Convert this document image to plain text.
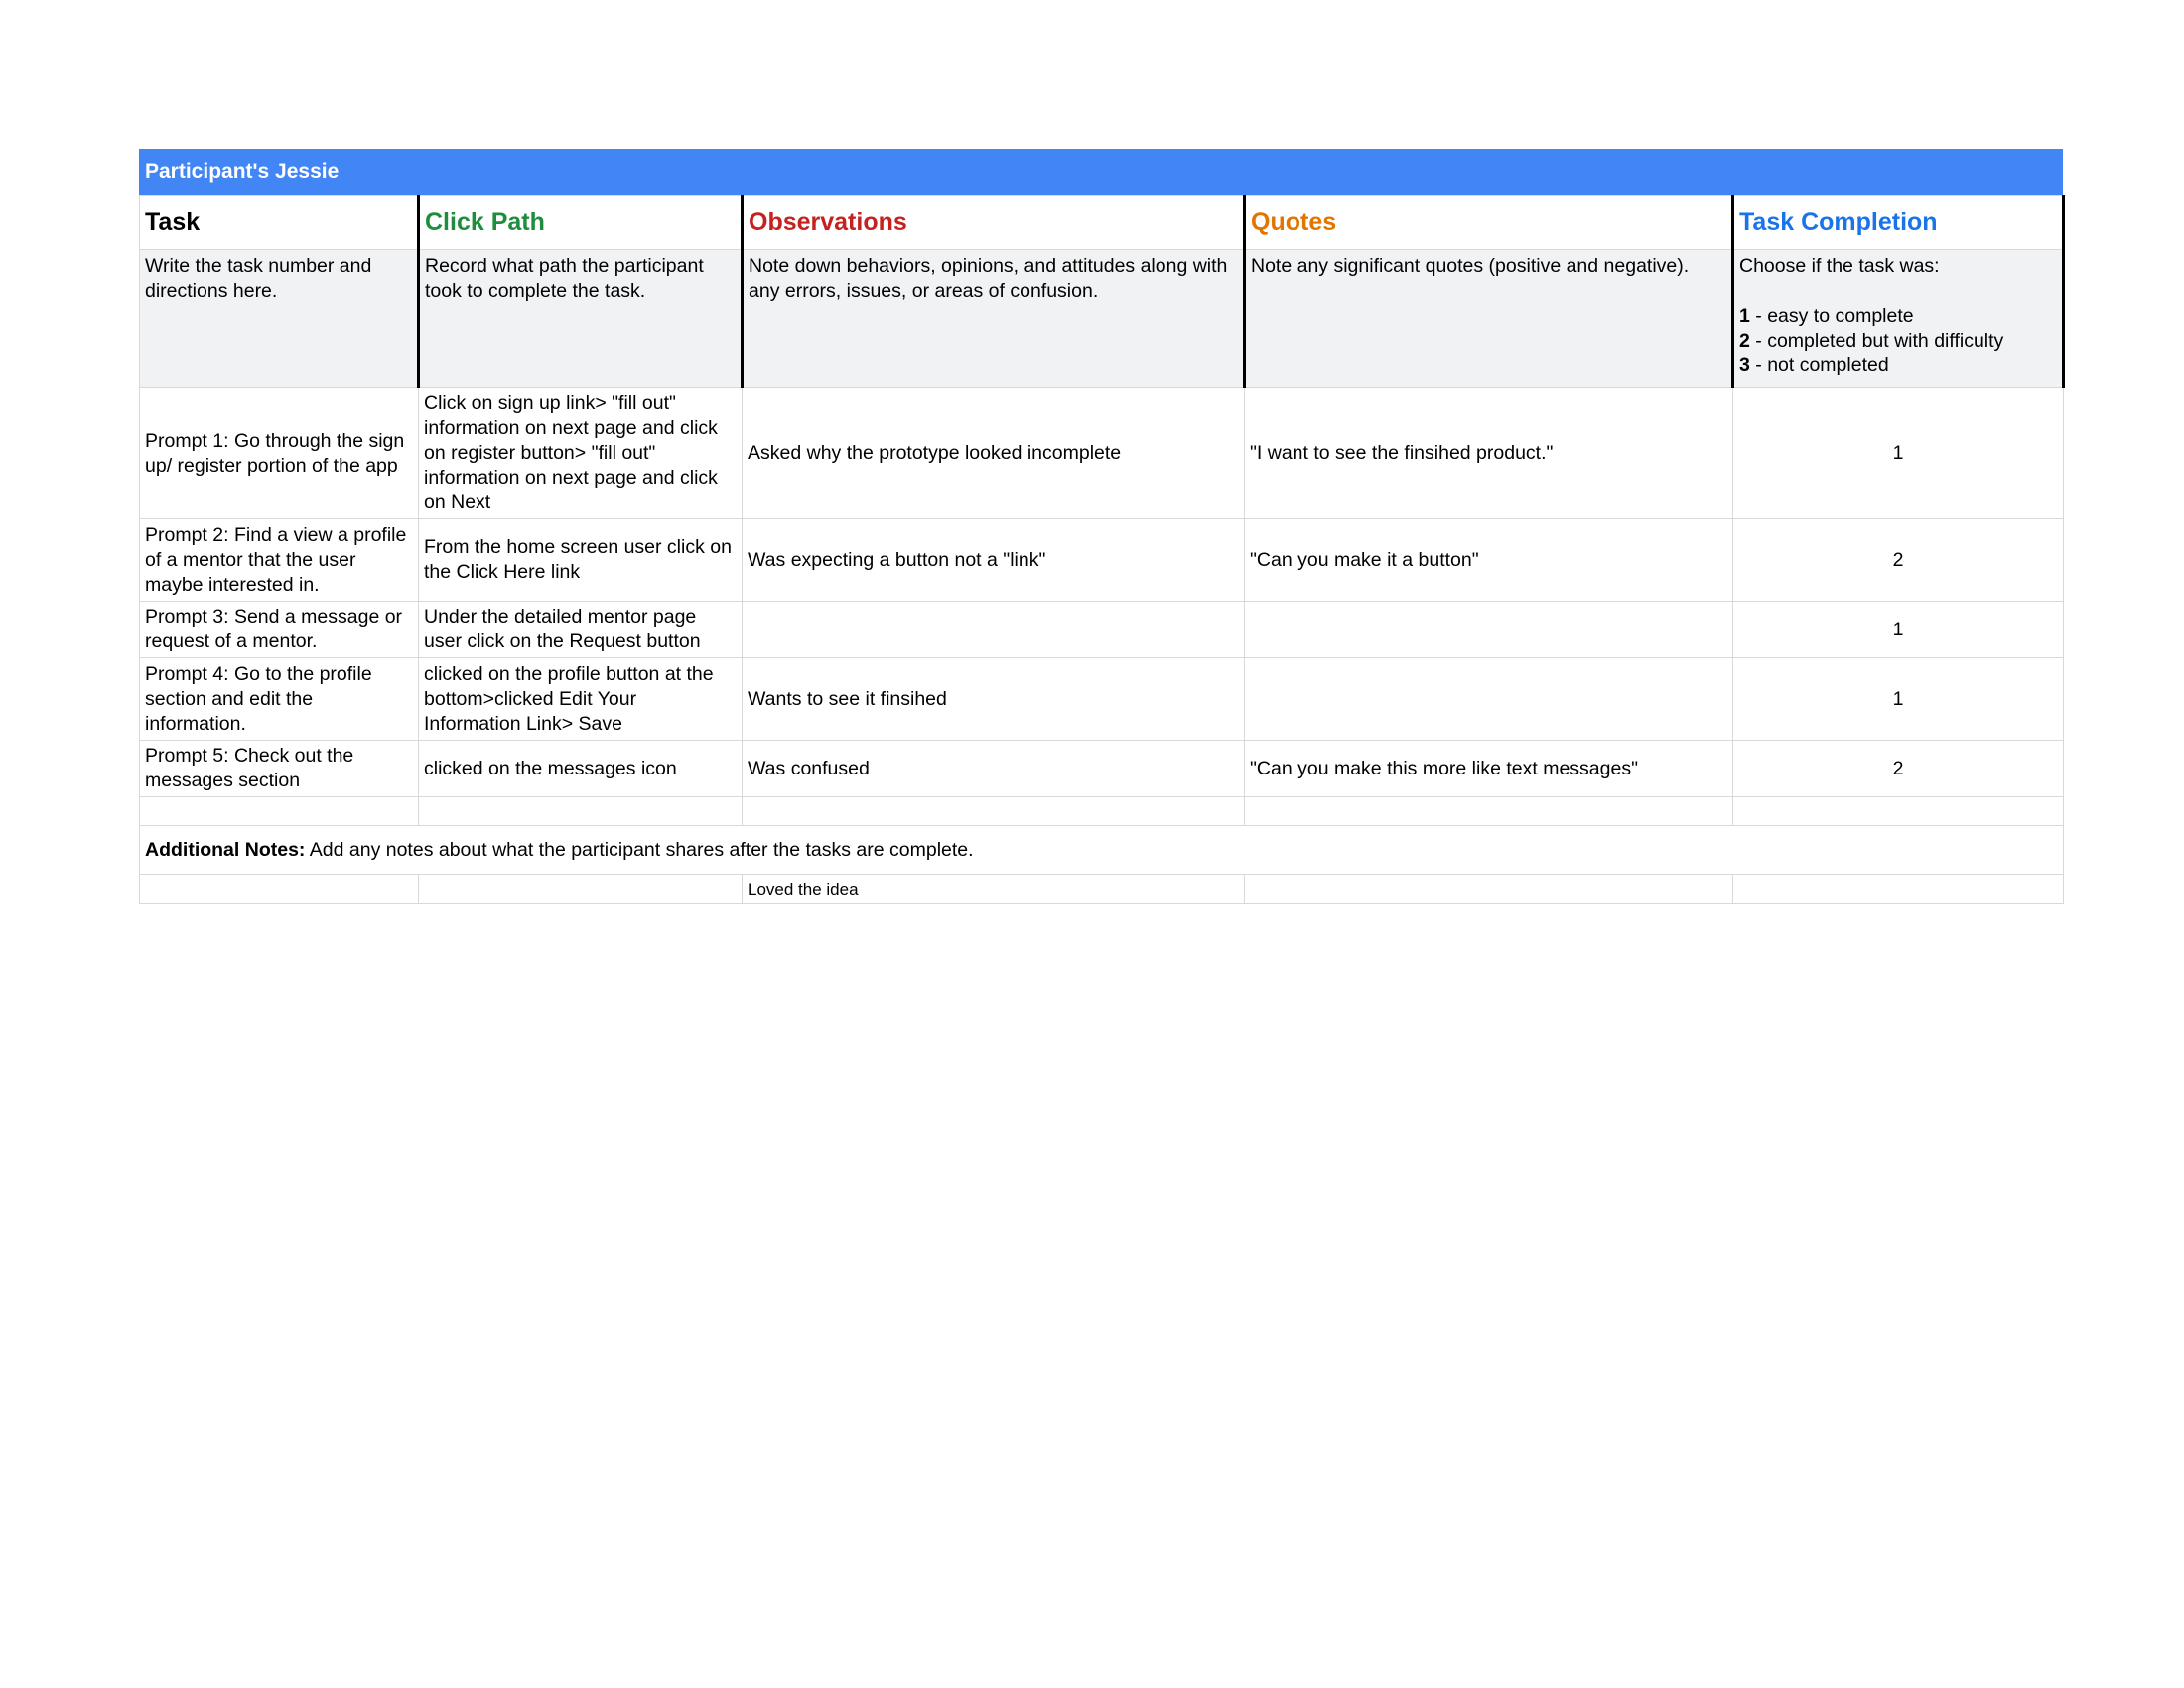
Participant's Jessie
Task	Click Path	Observations	Quotes	Task Completion
Write the task number and directions here.	Record what path the participant took to complete the task.	Note down behaviors, opinions, and attitudes along with any errors, issues, or areas of confusion.	Note any significant quotes (positive and negative).	Choose if the task was:

1 - easy to complete
2 - completed but with difficulty
3 - not completed

Prompt 1: Go through the sign up/ register portion of the app	Click on sign up link> "fill out" information on next page and click on register button> "fill out" information on next page and click on Next	Asked why the prototype looked incomplete	"I want to see the finsihed product."	1
Prompt 2: Find a view a profile of a mentor that the user maybe interested in.	From the home screen user click on the Click Here link	Was expecting a button not a "link"	"Can you make it a button"	2
Prompt 3: Send a message or request of a mentor.	Under the detailed mentor page user click on the Request button			1
Prompt 4: Go to the profile section and edit the information.	clicked on the profile button at the bottom>clicked Edit Your Information Link> Save	Wants to see it finsihed		1
Prompt 5: Check out the messages section	clicked on the messages icon	Was confused	"Can you make this more like text messages"	2

Additional Notes: Add any notes about what the participant shares after the tasks are complete.				
		Loved the idea		
